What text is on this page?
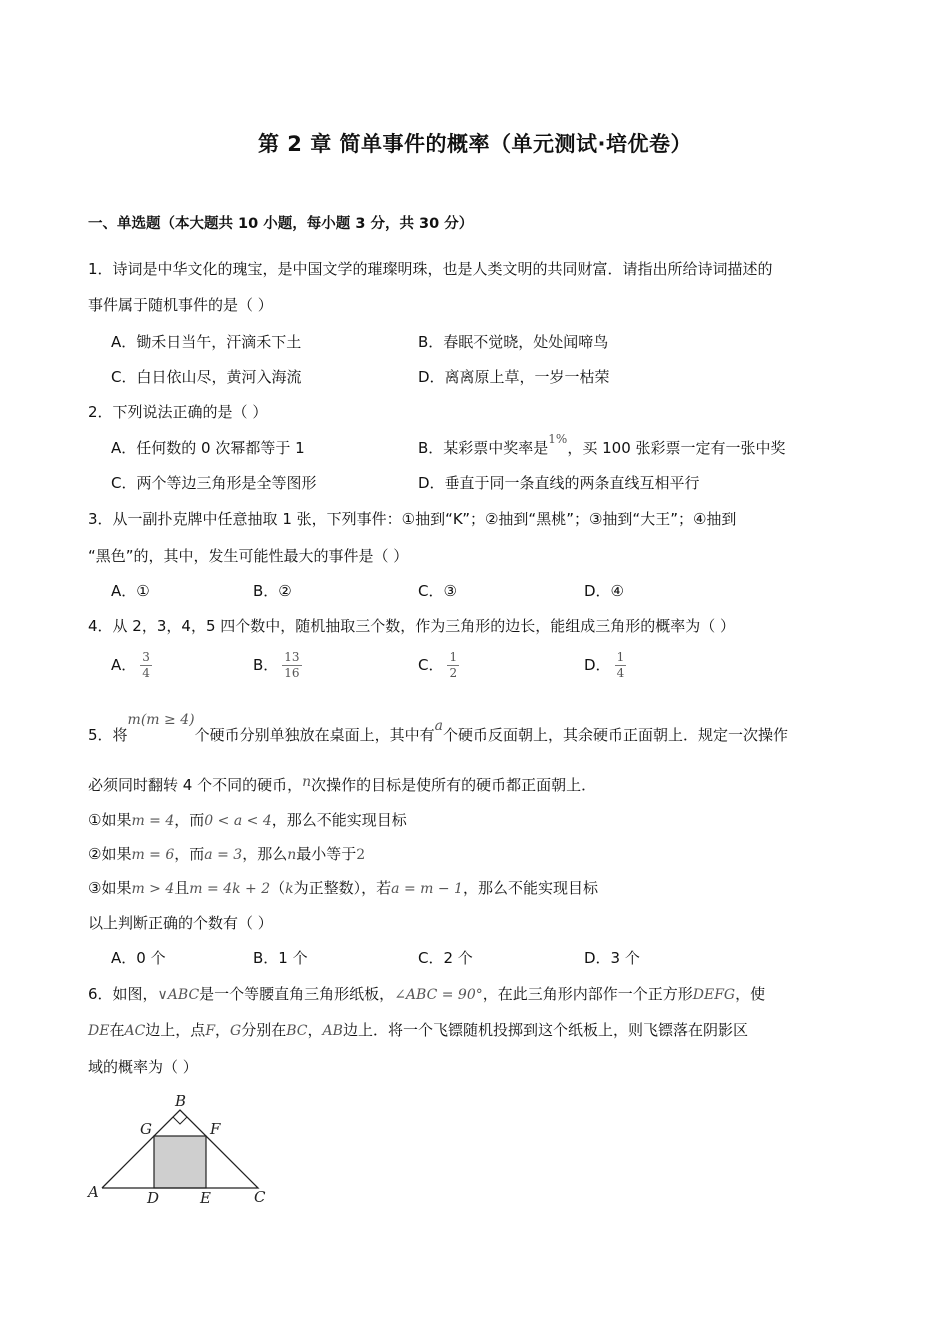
第 2 章 简单事件的概率（单元测试·培优卷）
一、单选题（本大题共 10 小题，每小题 3 分，共 30 分）
1．诗词是中华文化的瑰宝，是中国文学的璀璨明珠，也是人类文明的共同财富．请指出所给诗词描述的
事件属于随机事件的是（ ）
A．锄禾日当午，汗滴禾下土	B．春眠不觉晓，处处闻啼鸟
C．白日依山尽，黄河入海流	D．离离原上草，一岁一枯荣
2．下列说法正确的是（ ）
A．任何数的 0 次幂都等于 1	B．某彩票中奖率是$^{1\%}$，买 100 张彩票一定有一张中奖
C．两个等边三角形是全等图形	D．垂直于同一条直线的两条直线互相平行
3．从一副扑克牌中任意抽取 1 张，下列事件：①抽到“K”；②抽到“黑桃”；③抽到“大王”；④抽到
“黑色”的，其中，发生可能性最大的事件是（ ）
A．①	B．②	C．③	D．④
4．从 2，3，4，5 四个数中，随机抽取三个数，作为三角形的边长，能组成三角形的概率为（ ）
A． $\frac{3}{4}$	B． $\frac{13}{16}$	C． $\frac{1}{2}$	D． $\frac{1}{4}$
5．将m(m ≥ 4)个硬币分别单独放在桌面上，其中有a个硬币反面朝上，其余硬币正面朝上．规定一次操作
必须同时翻转 4 个不同的硬币，n次操作的目标是使所有的硬币都正面朝上．
①如果m = 4，而0 < a < 4，那么不能实现目标
②如果m = 6，而a = 3，那么n最小等于2
③如果m > 4且m = 4k + 2（k为正整数），若a = m − 1，那么不能实现目标
以上判断正确的个数有（ ）
A．0 个	B．1 个	C．2 个	D．3 个
6．如图，∨ABC是一个等腰直角三角形纸板，∠ABC = 90°，在此三角形内部作一个正方形DEFG，使
DE在AC边上，点F，G分别在BC，AB边上．将一个飞镖随机投掷到这个纸板上，则飞镖落在阴影区
域的概率为（ ）
A
B
C
D	E
F
G
